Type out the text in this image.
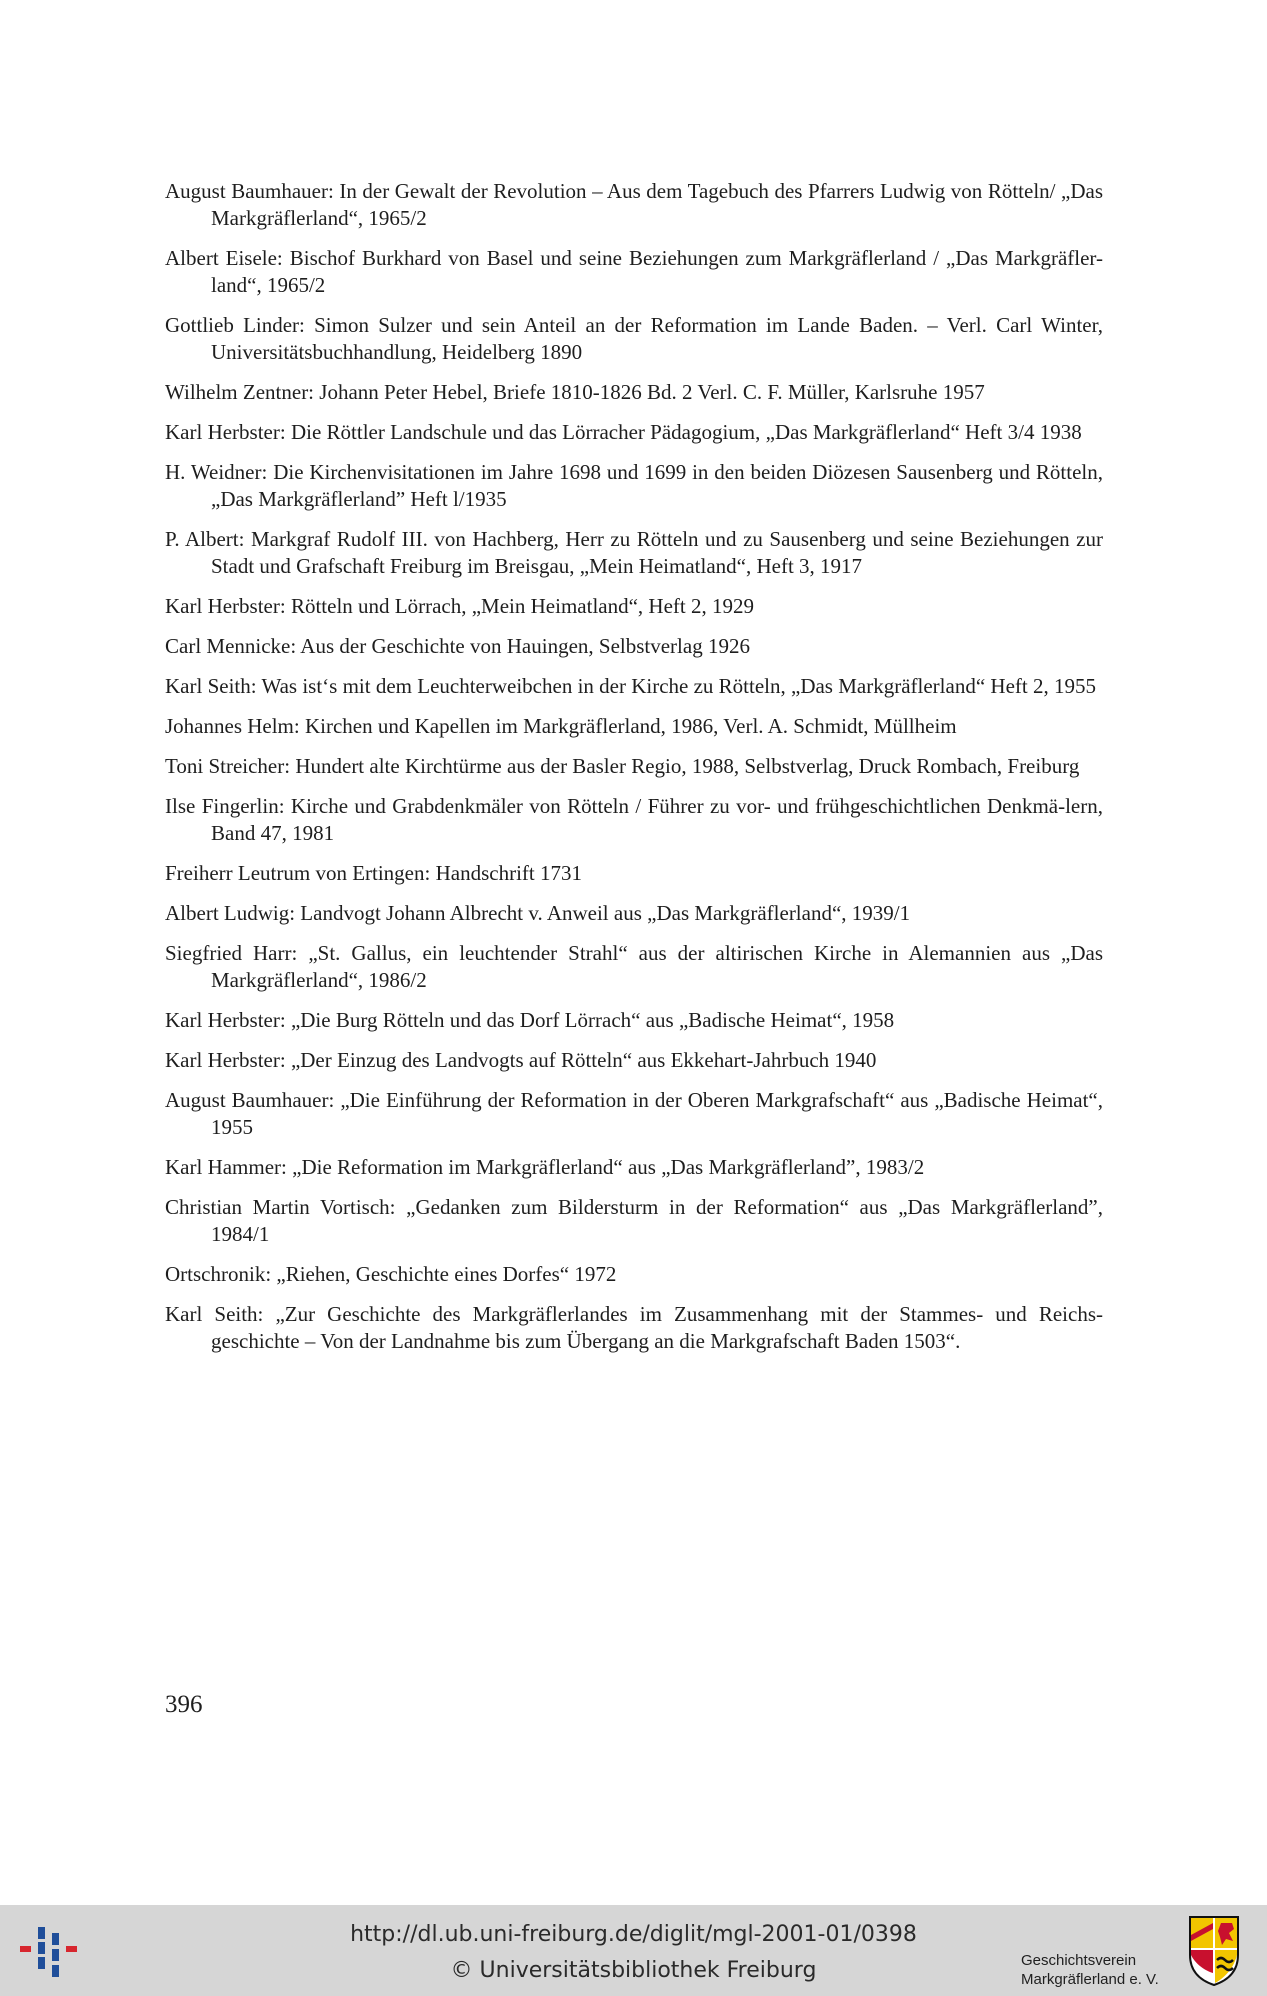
August Baumhauer: In der Gewalt der Revolution – Aus dem Tagebuch des Pfarrers Ludwig von Rötteln/ „Das Markgräflerland“, 1965/2
Albert Eisele: Bischof Burkhard von Basel und seine Beziehungen zum Markgräflerland / „Das Markgräfler-land“, 1965/2
Gottlieb Linder: Simon Sulzer und sein Anteil an der Reformation im Lande Baden. – Verl. Carl Winter, Universitätsbuchhandlung, Heidelberg 1890
Wilhelm Zentner: Johann Peter Hebel, Briefe 1810-1826 Bd. 2 Verl. C. F. Müller, Karlsruhe 1957
Karl Herbster: Die Röttler Landschule und das Lörracher Pädagogium, „Das Markgräflerland“ Heft 3/4 1938
H. Weidner: Die Kirchenvisitationen im Jahre 1698 und 1699 in den beiden Diözesen Sausenberg und Rötteln, „Das Markgräflerland” Heft l/1935
P. Albert: Markgraf Rudolf III. von Hachberg, Herr zu Rötteln und zu Sausenberg und seine Beziehungen zur Stadt und Grafschaft Freiburg im Breisgau, „Mein Heimatland“, Heft 3, 1917
Karl Herbster: Rötteln und Lörrach, „Mein Heimatland“, Heft 2, 1929
Carl Mennicke: Aus der Geschichte von Hauingen, Selbstverlag 1926
Karl Seith: Was ist‘s mit dem Leuchterweibchen in der Kirche zu Rötteln, „Das Markgräflerland“ Heft 2, 1955
Johannes Helm: Kirchen und Kapellen im Markgräflerland, 1986, Verl. A. Schmidt, Müllheim
Toni Streicher: Hundert alte Kirchtürme aus der Basler Regio, 1988, Selbstverlag, Druck Rombach, Freiburg
Ilse Fingerlin: Kirche und Grabdenkmäler von Rötteln / Führer zu vor- und frühgeschichtlichen Denkmä-lern, Band 47, 1981
Freiherr Leutrum von Ertingen: Handschrift 1731
Albert Ludwig: Landvogt Johann Albrecht v. Anweil aus „Das Markgräflerland“, 1939/1
Siegfried Harr: „St. Gallus, ein leuchtender Strahl“ aus der altirischen Kirche in Alemannien aus „Das Markgräflerland“, 1986/2
Karl Herbster: „Die Burg Rötteln und das Dorf Lörrach“ aus „Badische Heimat“, 1958
Karl Herbster: „Der Einzug des Landvogts auf Rötteln“ aus Ekkehart-Jahrbuch 1940
August Baumhauer: „Die Einführung der Reformation in der Oberen Markgrafschaft“ aus „Badische Heimat“, 1955
Karl Hammer: „Die Reformation im Markgräflerland“ aus „Das Markgräflerland”, 1983/2
Christian Martin Vortisch: „Gedanken zum Bildersturm in der Reformation“ aus „Das Markgräflerland”, 1984/1
Ortschronik: „Riehen, Geschichte eines Dorfes“ 1972
Karl Seith: „Zur Geschichte des Markgräflerlandes im Zusammenhang mit der Stammes- und Reichs-geschichte – Von der Landnahme bis zum Übergang an die Markgrafschaft Baden 1503“.
396
http://dl.ub.uni-freiburg.de/diglit/mgl-2001-01/0398
© Universitätsbibliothek Freiburg	Geschichtsverein
Markgräflerland e. V.
